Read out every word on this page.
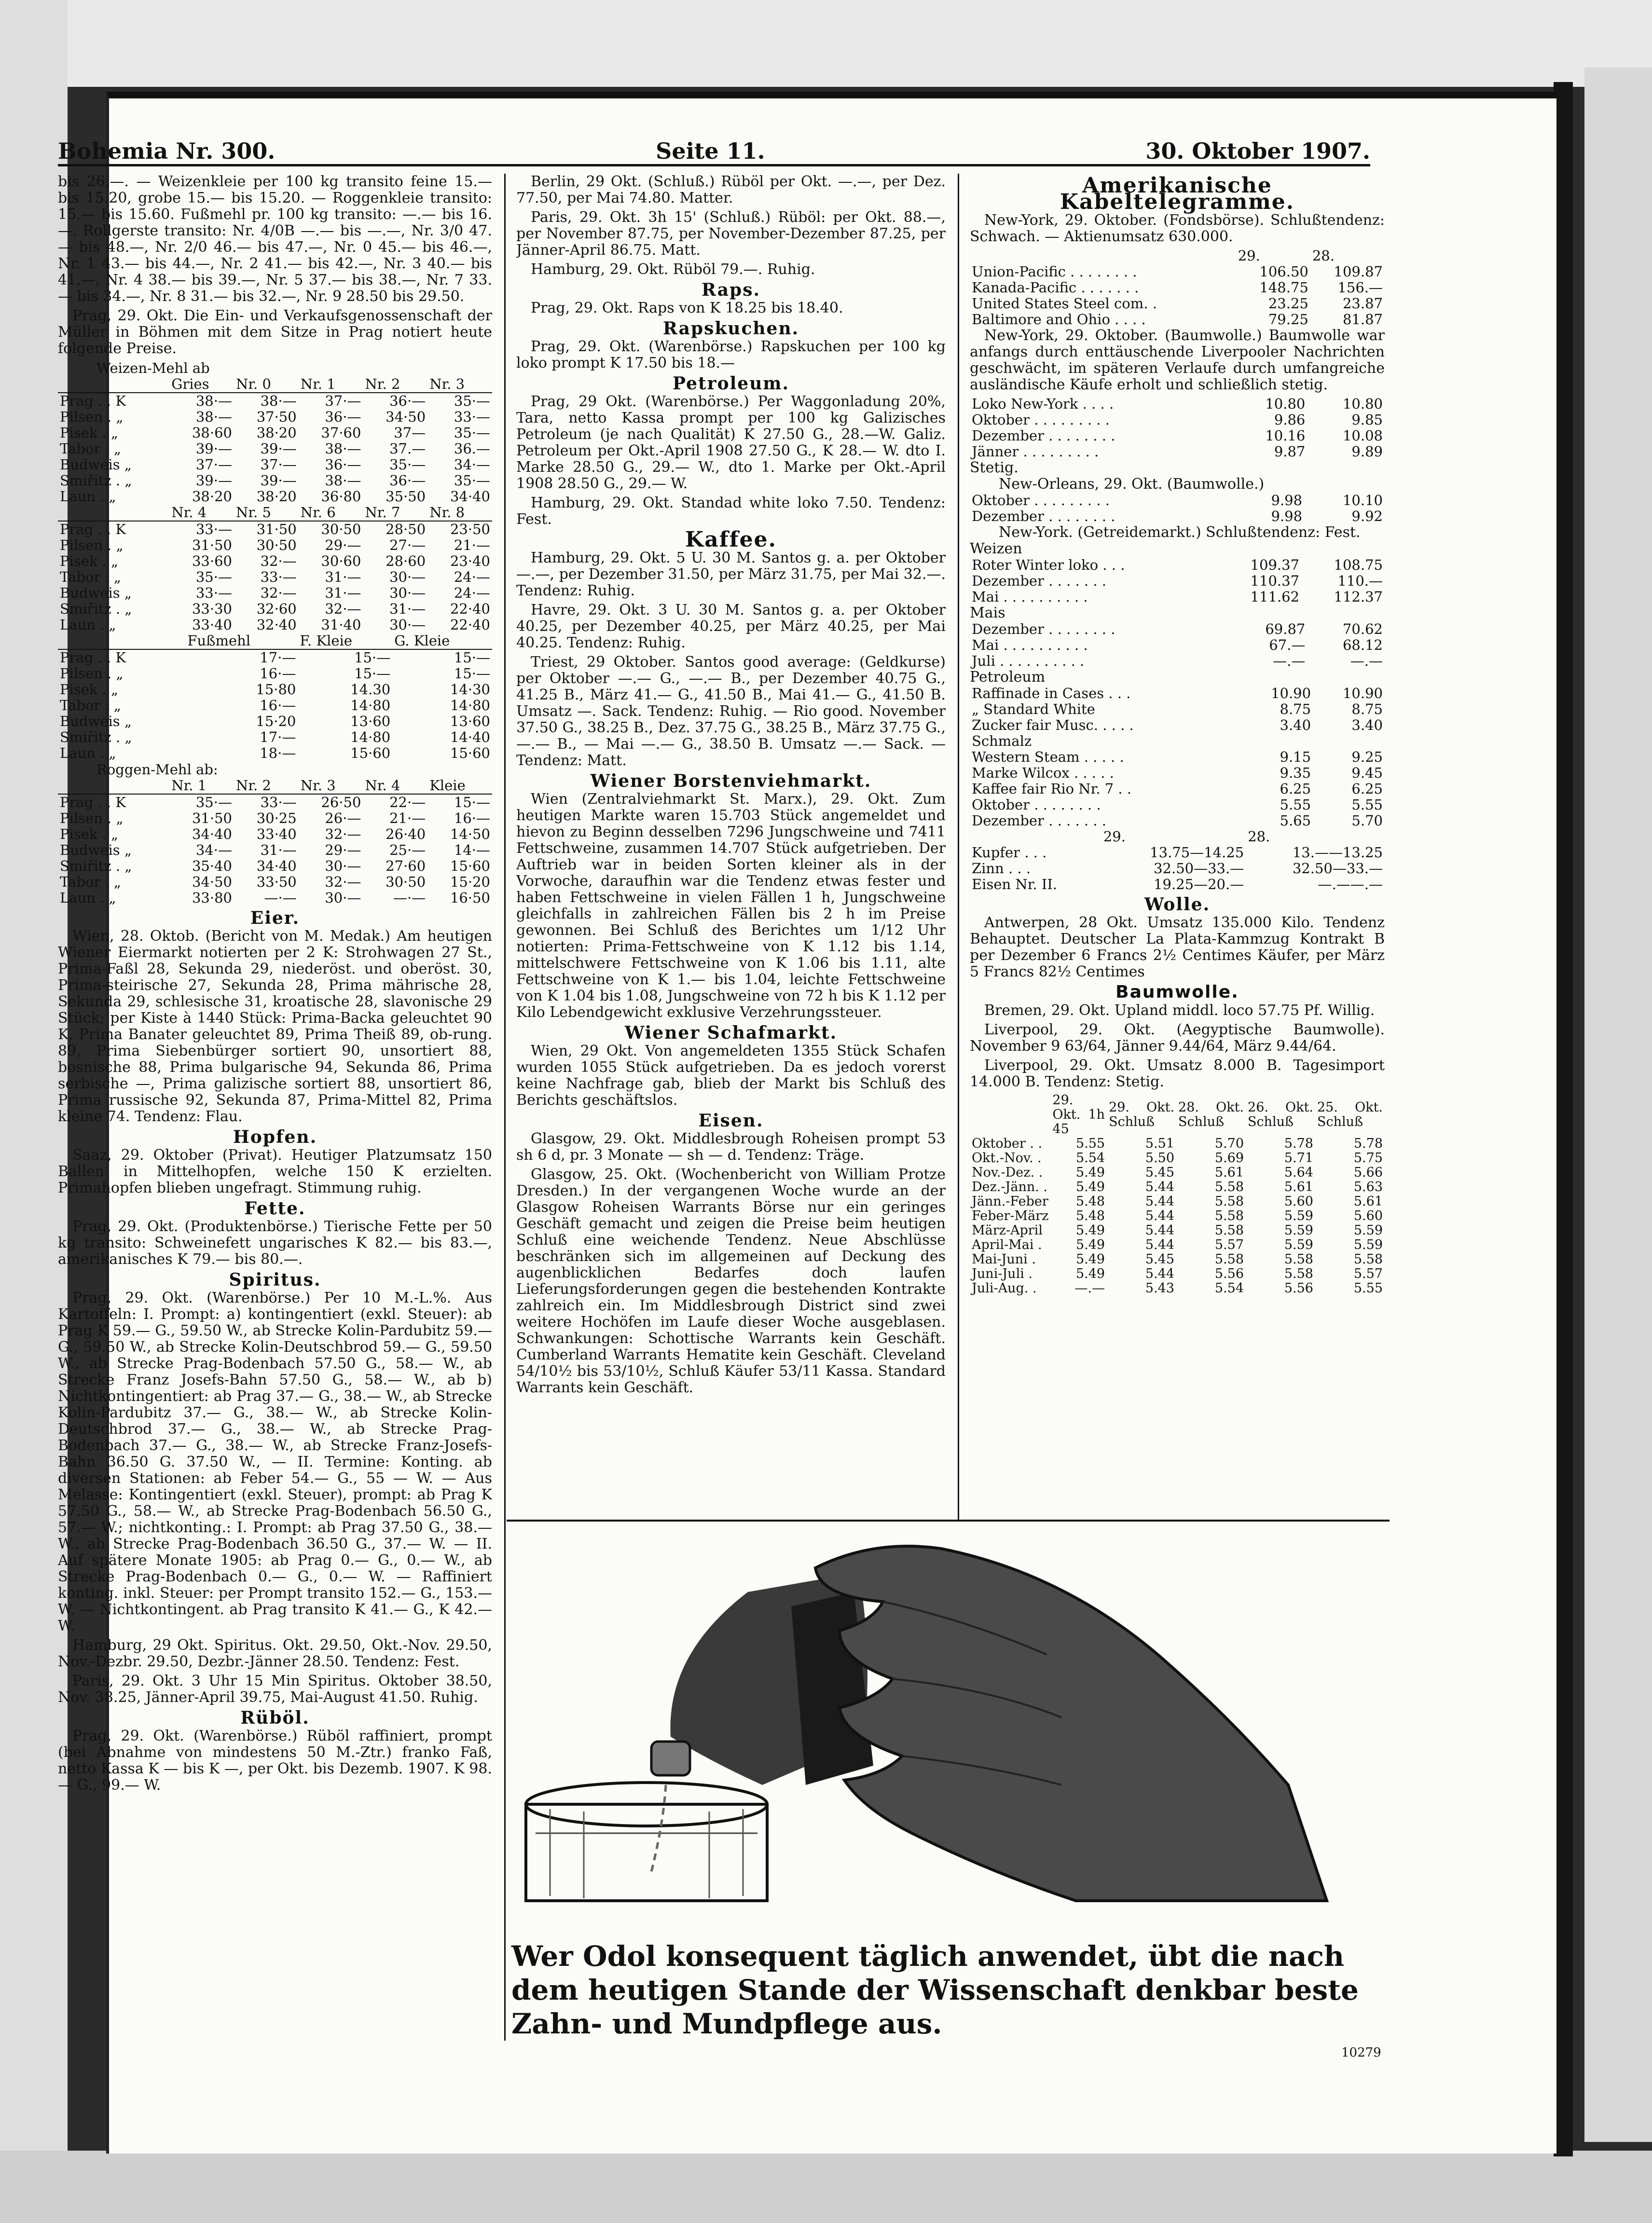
Bohemia Nr. 300.	Seite 11.	30. Oktober 1907.

bis 26.—. — Weizenkleie per 100 kg transito feine 15.— bis 15.20, grobe 15.— bis 15.20. — Roggenkleie transito: 15.— bis 15.60. Fußmehl pr. 100 kg transito: —.— bis 16.—. Rollgerste transito: Nr. 4/0B —.— bis —.—, Nr. 3/0 47.— bis 48.—, Nr. 2/0 46.— bis 47.—, Nr. 0 45.— bis 46.—, Nr. 1 43.— bis 44.—, Nr. 2 41.— bis 42.—, Nr. 3 40.— bis 41.—, Nr. 4 38.— bis 39.—, Nr. 5 37.— bis 38.—, Nr. 7 33.— bis 34.—, Nr. 8 31.— bis 32.—, Nr. 9 28.50 bis 29.50.

Prag, 29. Okt. Die Ein- und Verkaufsgenossenschaft der Müller in Böhmen mit dem Sitze in Prag notiert heute folgende Preise.

Weizen-Mehl ab
	Gries	Nr. 0	Nr. 1	Nr. 2	Nr. 3
Prag . . K	38·—	38·—	37·—	36·—	35·—
Pilsen . „	38·—	37·50	36·—	34·50	33·—
Pisek . „	38·60	38·20	37·60	37—	35·—
Tabor . „	39·—	39·—	38·—	37.—	36.—
Budweis „	37·—	37·—	36·—	35·—	34·—
Smiřitz . „	39·—	39·—	38·—	36·—	35·—
Laun . „	38·20	38·20	36·80	35·50	34·40
	Nr. 4	Nr. 5	Nr. 6	Nr. 7	Nr. 8
Prag . . K	33·—	31·50	30·50	28·50	23·50
Pilsen . „	31·50	30·50	29·—	27·—	21·—
Pisek . „	33·60	32·—	30·60	28·60	23·40
Tabor . „	35·—	33·—	31·—	30·—	24·—
Budweis „	33·—	32·—	31·—	30·—	24·—
Smiřitz . „	33·30	32·60	32·—	31·—	22·40
Laun . „	33·40	32·40	31·40	30·—	22·40
	Fußmehl	F. Kleie	G. Kleie
Prag . . K	17·—	15·—	15·—
Pilsen . „	16·—	15·—	15·—
Pisek . „	15·80	14.30	14·30
Tabor . „	16·—	14·80	14·80
Budweis „	15·20	13·60	13·60
Smiřitz . „	17·—	14·80	14·40
Laun . „	18·—	15·60	15·60
Roggen-Mehl ab:
	Nr. 1	Nr. 2	Nr. 3	Nr. 4	Kleie
Prag . . K	35·—	33·—	26·50	22·—	15·—
Pilsen . „	31·50	30·25	26·—	21·—	16·—
Pisek . „	34·40	33·40	32·—	26·40	14·50
Budweis „	34·—	31·—	29·—	25·—	14·—
Smiřitz . „	35·40	34·40	30·—	27·60	15·60
Tabor . „	34·50	33·50	32·—	30·50	15·20
Laun . „	33·80	—·—	30·—	—·—	16·50
Eier.

Wien, 28. Oktob. (Bericht von M. Medak.) Am heutigen Wiener Eiermarkt notierten per 2 K: Strohwagen 27 St., Prima-Faßl 28, Sekunda 29, niederöst. und oberöst. 30, Prima-steirische 27, Sekunda 28, Prima mährische 28, Sekunda 29, schlesische 31, kroatische 28, slavonische 29 Stück; per Kiste à 1440 Stück: Prima-Backa geleuchtet 90 K, Prima Banater geleuchtet 89, Prima Theiß 89, ob-rung. 89, Prima Siebenbürger sortiert 90, unsortiert 88, bosnische 88, Prima bulgarische 94, Sekunda 86, Prima serbische —, Prima galizische sortiert 88, unsortiert 86, Prima russische 92, Sekunda 87, Prima-Mittel 82, Prima kleine 74. Tendenz: Flau.

Hopfen.

Saaz, 29. Oktober (Privat). Heutiger Platzumsatz 150 Ballen in Mittelhopfen, welche 150 K erzielten. Primahopfen blieben ungefragt. Stimmung ruhig.

Fette.

Prag, 29. Okt. (Produktenbörse.) Tierische Fette per 50 kg transito: Schweinefett ungarisches K 82.— bis 83.—, amerikanisches K 79.— bis 80.—.

Spiritus.

Prag, 29. Okt. (Warenbörse.) Per 10 M.-L.%. Aus Kartoffeln: I. Prompt: a) kontingentiert (exkl. Steuer): ab Prag K 59.— G., 59.50 W., ab Strecke Kolin-Pardubitz 59.— G., 59.50 W., ab Strecke Kolin-Deutschbrod 59.— G., 59.50 W., ab Strecke Prag-Bodenbach 57.50 G., 58.— W., ab Strecke Franz Josefs-Bahn 57.50 G., 58.— W., ab b) Nichtkontingentiert: ab Prag 37.— G., 38.— W., ab Strecke Kolin-Pardubitz 37.— G., 38.— W., ab Strecke Kolin-Deutschbrod 37.— G., 38.— W., ab Strecke Prag-Bodenbach 37.— G., 38.— W., ab Strecke Franz-Josefs-Bahn 36.50 G. 37.50 W., — II. Termine: Konting. ab diversen Stationen: ab Feber 54.— G., 55 — W. — Aus Melasse: Kontingentiert (exkl. Steuer), prompt: ab Prag K 57.50 G., 58.— W., ab Strecke Prag-Bodenbach 56.50 G., 57.— W.; nichtkonting.: I. Prompt: ab Prag 37.50 G., 38.— W., ab Strecke Prag-Bodenbach 36.50 G., 37.— W. — II. Auf spätere Monate 1905: ab Prag 0.— G., 0.— W., ab Strecke Prag-Bodenbach 0.— G., 0.— W. — Raffiniert konting. inkl. Steuer: per Prompt transito 152.— G., 153.— W. — Nichtkontingent. ab Prag transito K 41.— G., K 42.— W.

Hamburg, 29 Okt. Spiritus. Okt. 29.50, Okt.-Nov. 29.50, Nov.-Dezbr. 29.50, Dezbr.-Jänner 28.50. Tendenz: Fest.

Paris, 29. Okt. 3 Uhr 15 Min Spiritus. Oktober 38.50, Nov. 38.25, Jänner-April 39.75, Mai-August 41.50. Ruhig.

Rüböl.

Prag, 29. Okt. (Warenbörse.) Rüböl raffiniert, prompt (bei Abnahme von mindestens 50 M.-Ztr.) franko Faß, netto Kassa K — bis K —, per Okt. bis Dezemb. 1907. K 98.— G., 99.— W.

Berlin, 29 Okt. (Schluß.) Rüböl per Okt. —.—, per Dez. 77.50, per Mai 74.80. Matter.

Paris, 29. Okt. 3h 15' (Schluß.) Rüböl: per Okt. 88.—, per November 87.75, per November-Dezember 87.25, per Jänner-April 86.75. Matt.

Hamburg, 29. Okt. Rüböl 79.—. Ruhig.

Raps.

Prag, 29. Okt. Raps von K 18.25 bis 18.40.

Rapskuchen.

Prag, 29. Okt. (Warenbörse.) Rapskuchen per 100 kg loko prompt K 17.50 bis 18.—

Petroleum.

Prag, 29 Okt. (Warenbörse.) Per Waggonladung 20%, Tara, netto Kassa prompt per 100 kg Galizisches Petroleum (je nach Qualität) K 27.50 G., 28.—W. Galiz. Petroleum per Okt.-April 1908 27.50 G., K 28.— W. dto I. Marke 28.50 G., 29.— W., dto 1. Marke per Okt.-April 1908 28.50 G., 29.— W.

Hamburg, 29. Okt. Standad white loko 7.50. Tendenz: Fest.

Kaffee.

Hamburg, 29. Okt. 5 U. 30 M. Santos g. a. per Oktober —.—, per Dezember 31.50, per März 31.75, per Mai 32.—. Tendenz: Ruhig.

Havre, 29. Okt. 3 U. 30 M. Santos g. a. per Oktober 40.25, per Dezember 40.25, per März 40.25, per Mai 40.25. Tendenz: Ruhig.

Triest, 29 Oktober. Santos good average: (Geldkurse) per Oktober —.— G., —.— B., per Dezember 40.75 G., 41.25 B., März 41.— G., 41.50 B., Mai 41.— G., 41.50 B. Umsatz —. Sack. Tendenz: Ruhig. — Rio good. November 37.50 G., 38.25 B., Dez. 37.75 G., 38.25 B., März 37.75 G., —.— B., — Mai —.— G., 38.50 B. Umsatz —.— Sack. — Tendenz: Matt.

Wiener Borstenviehmarkt.

Wien (Zentralviehmarkt St. Marx.), 29. Okt. Zum heutigen Markte waren 15.703 Stück angemeldet und hievon zu Beginn desselben 7296 Jungschweine und 7411 Fettschweine, zusammen 14.707 Stück aufgetrieben. Der Auftrieb war in beiden Sorten kleiner als in der Vorwoche, daraufhin war die Tendenz etwas fester und haben Fettschweine in vielen Fällen 1 h, Jungschweine gleichfalls in zahlreichen Fällen bis 2 h im Preise gewonnen. Bei Schluß des Berichtes um 1/12 Uhr notierten: Prima-Fettschweine von K 1.12 bis 1.14, mittelschwere Fettschweine von K 1.06 bis 1.11, alte Fettschweine von K 1.— bis 1.04, leichte Fettschweine von K 1.04 bis 1.08, Jungschweine von 72 h bis K 1.12 per Kilo Lebendgewicht exklusive Verzehrungssteuer.

Wiener Schafmarkt.

Wien, 29 Okt. Von angemeldeten 1355 Stück Schafen wurden 1055 Stück aufgetrieben. Da es jedoch vorerst keine Nachfrage gab, blieb der Markt bis Schluß des Berichts geschäftslos.

Eisen.

Glasgow, 29. Okt. Middlesbrough Roheisen prompt 53 sh 6 d, pr. 3 Monate — sh — d. Tendenz: Träge.

Glasgow, 25. Okt. (Wochenbericht von William Protze Dresden.) In der vergangenen Woche wurde an der Glasgow Roheisen Warrants Börse nur ein geringes Geschäft gemacht und zeigen die Preise beim heutigen Schluß eine weichende Tendenz. Neue Abschlüsse beschränken sich im allgemeinen auf Deckung des augenblicklichen Bedarfes doch laufen Lieferungsforderungen gegen die bestehenden Kontrakte zahlreich ein. Im Middlesbrough District sind zwei weitere Hochöfen im Laufe dieser Woche ausgeblasen. Schwankungen: Schottische Warrants kein Geschäft. Cumberland Warrants Hematite kein Geschäft. Cleveland 54/10½ bis 53/10½, Schluß Käufer 53/11 Kassa. Standard Warrants kein Geschäft.

Amerikanische Kabeltelegramme.

New-York, 29. Oktober. (Fondsbörse). Schlußtendenz: Schwach. — Aktienumsatz 630.000.

	29.	28.
Union-Pacific . . . . . . . .	106.50	109.87
Kanada-Pacific . . . . . . .	148.75	156.—
United States Steel com. .	23.25	23.87
Baltimore and Ohio . . . .	79.25	81.87

New-York, 29. Oktober. (Baumwolle.) Baumwolle war anfangs durch enttäuschende Liverpooler Nachrichten geschwächt, im späteren Verlaufe durch umfangreiche ausländische Käufe erholt und schließlich stetig.

Loko New-York . . . .	10.80	10.80
Oktober . . . . . . . . .	9.86	9.85
Dezember . . . . . . . .	10.16	10.08
Jänner . . . . . . . . .	9.87	9.89
Stetig.
New-Orleans, 29. Okt. (Baumwolle.)
Oktober . . . . . . . . .	9.98	10.10
Dezember . . . . . . . .	9.98	9.92
New-York. (Getreidemarkt.) Schlußtendenz: Fest.
Weizen
Roter Winter loko . . .	109.37	108.75
Dezember . . . . . . .	110.37	110.—
Mai . . . . . . . . . .	111.62	112.37
Mais
Dezember . . . . . . . .	69.87	70.62
Mai . . . . . . . . . .	67.—	68.12
Juli . . . . . . . . . .	—.—	—.—
Petroleum
Raffinade in Cases . . .	10.90	10.90
„ Standard White	8.75	8.75
Zucker fair Musc. . . . .	3.40	3.40
Schmalz		
Western Steam . . . . .	9.15	9.25
Marke Wilcox . . . . .	9.35	9.45
Kaffee fair Rio Nr. 7 . .	6.25	6.25
Oktober . . . . . . . .	5.55	5.55
Dezember . . . . . . .	5.65	5.70
	29.	28.
Kupfer . . .	13.75—14.25	13.——13.25
Zinn . . .	32.50—33.—	32.50—33.—
Eisen Nr. II.	19.25—20.—	—.——.—
Wolle.

Antwerpen, 28 Okt. Umsatz 135.000 Kilo. Tendenz Behauptet. Deutscher La Plata-Kammzug Kontrakt B per Dezember 6 Francs 2½ Centimes Käufer, per März 5 Francs 82½ Centimes

Baumwolle.

Bremen, 29. Okt. Upland middl. loco 57.75 Pf. Willig.

Liverpool, 29. Okt. (Aegyptische Baumwolle). November 9 63/64, Jänner 9.44/64, März 9.44/64.

Liverpool, 29. Okt. Umsatz 8.000 B. Tagesimport 14.000 B. Tendenz: Stetig.

	29. Okt. 1h 45	29. Okt. Schluß	28. Okt. Schluß	26. Okt. Schluß	25. Okt. Schluß
Oktober . .	5.55	5.51	5.70	5.78	5.78
Okt.-Nov. .	5.54	5.50	5.69	5.71	5.75
Nov.-Dez. .	5.49	5.45	5.61	5.64	5.66
Dez.-Jänn. .	5.49	5.44	5.58	5.61	5.63
Jänn.-Feber	5.48	5.44	5.58	5.60	5.61
Feber-März	5.48	5.44	5.58	5.59	5.60
März-April	5.49	5.44	5.58	5.59	5.59
April-Mai .	5.49	5.44	5.57	5.59	5.59
Mai-Juni .	5.49	5.45	5.58	5.58	5.58
Juni-Juli .	5.49	5.44	5.56	5.58	5.57
Juli-Aug. .	—.—	5.43	5.54	5.56	5.55
Wer Odol konsequent täglich anwendet, übt die nach dem heutigen Stande der Wissenschaft denkbar beste Zahn- und Mundpflege aus.
10279
